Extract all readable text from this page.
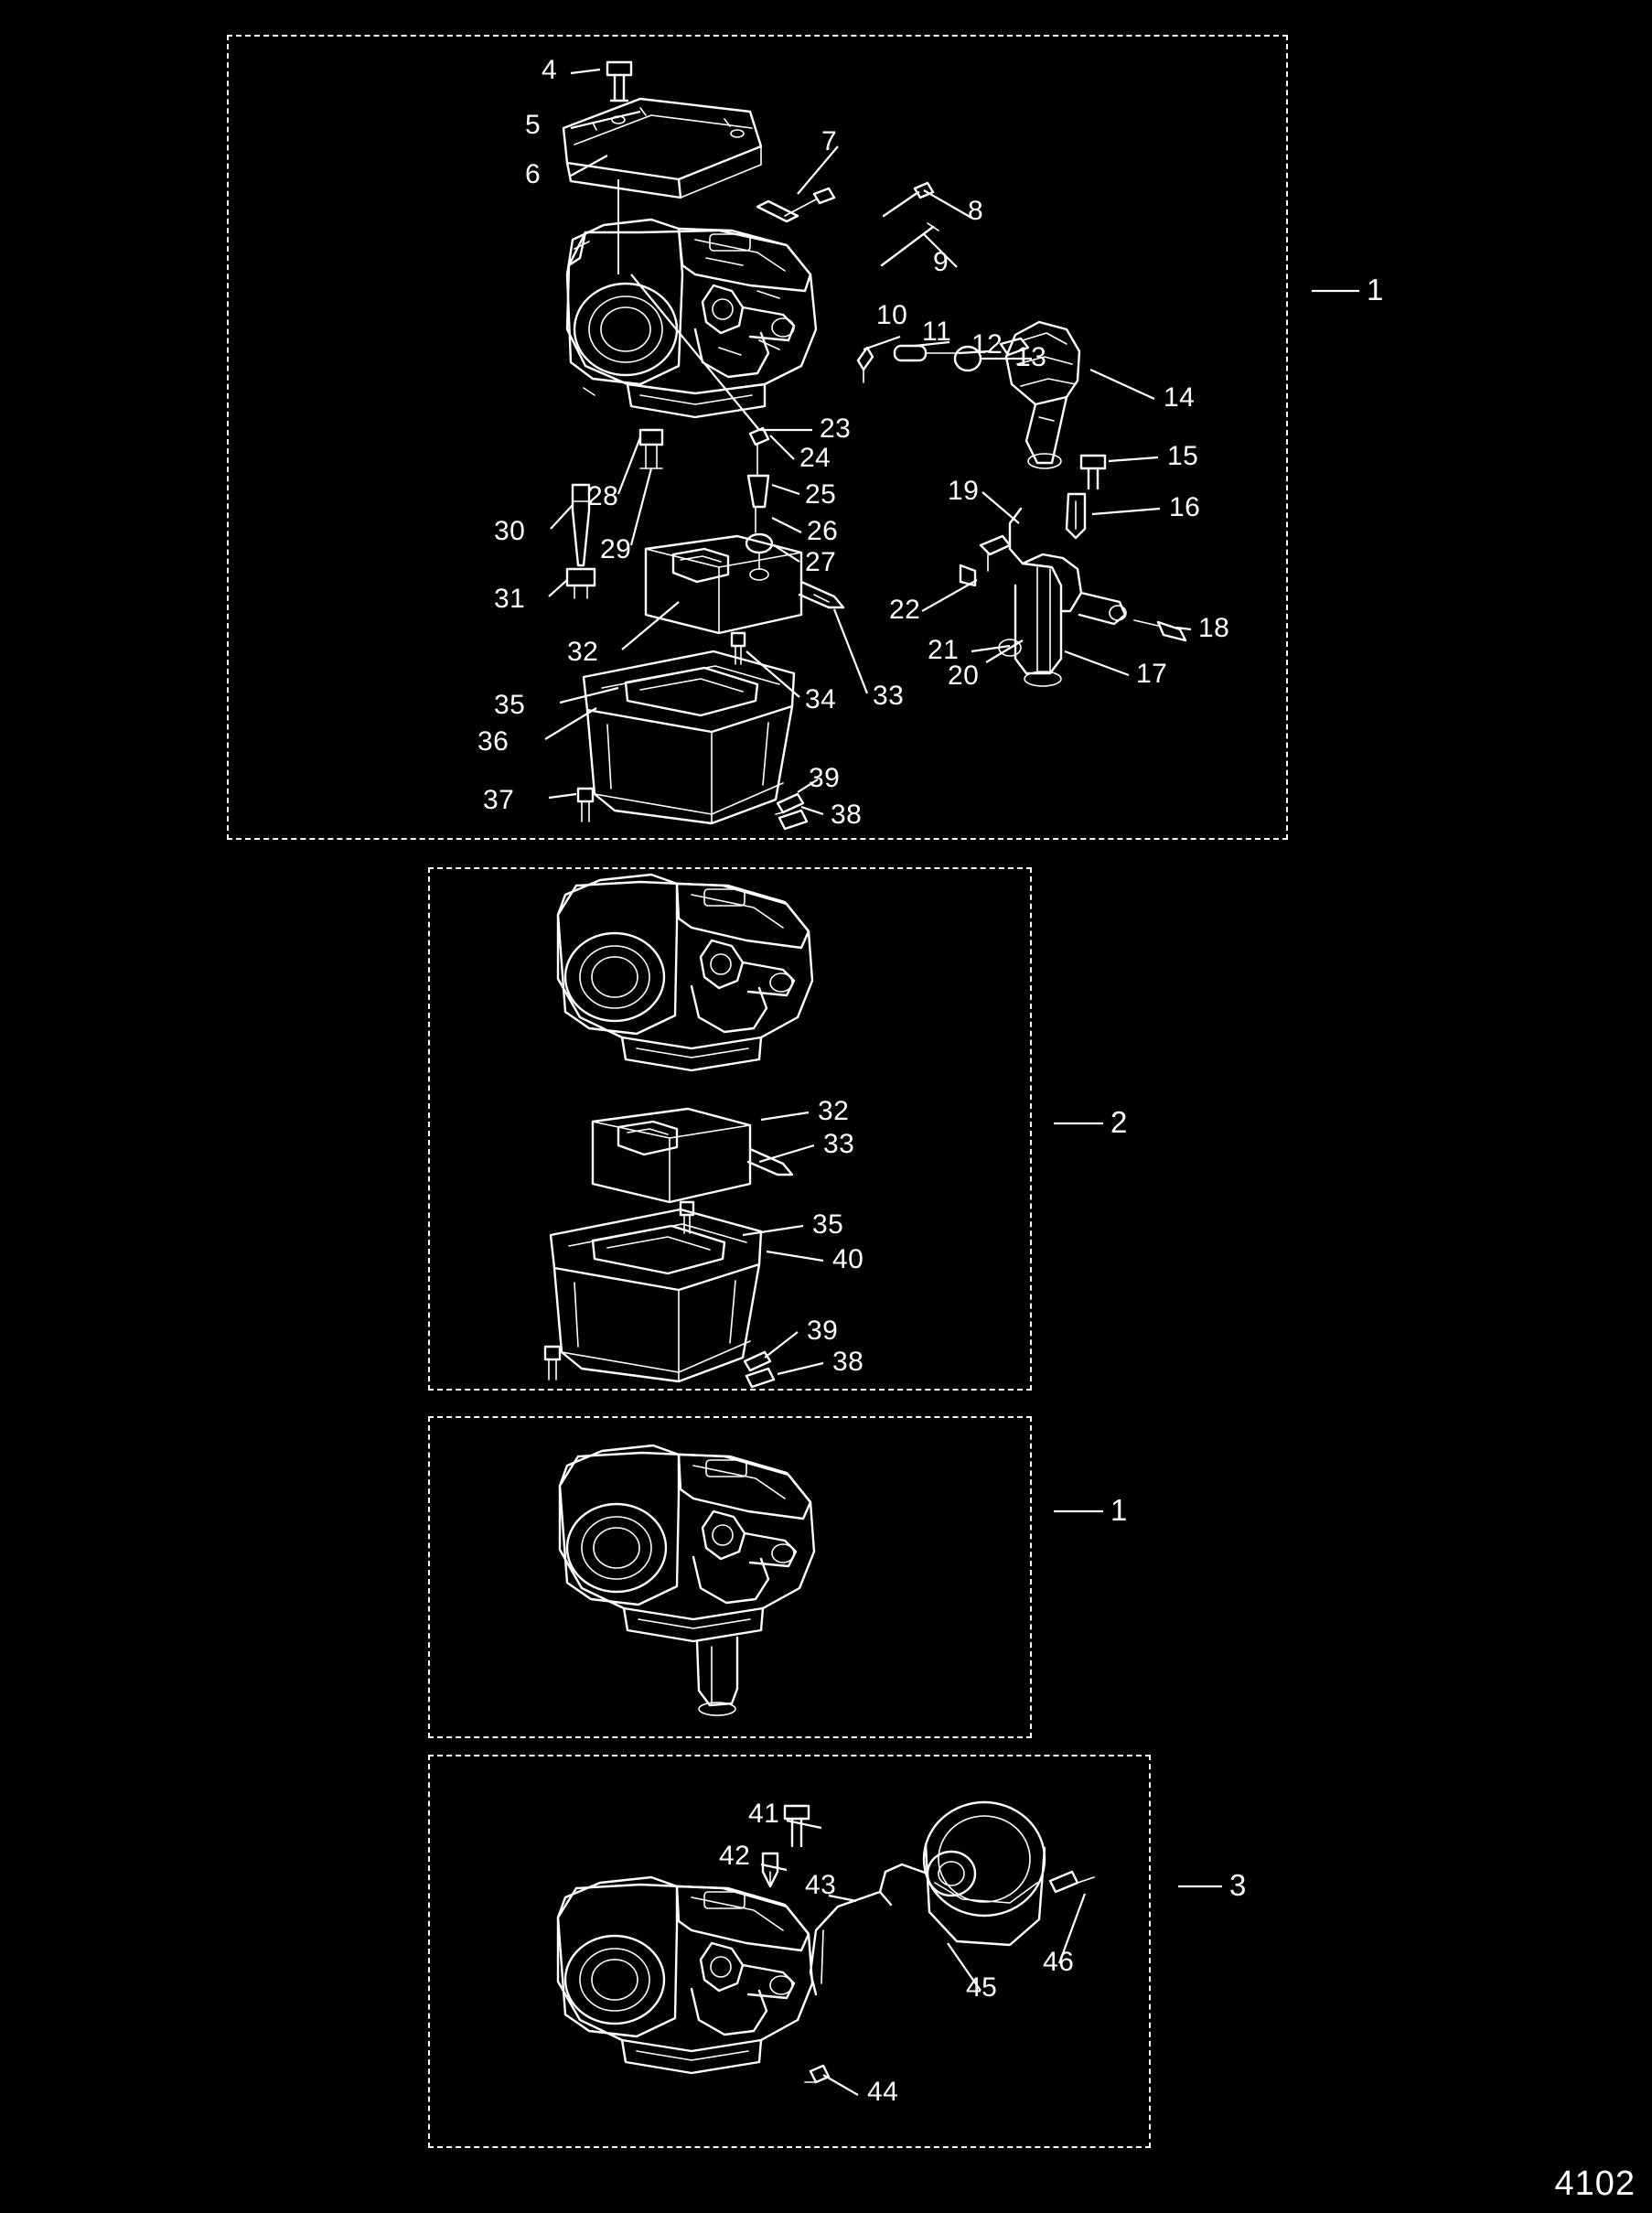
4
5
6
7
8
9
10
11 12 13
14
15
16
17
18
19
20
21
22
23
24
25
26
27
28
29
30
31
32
33
34
35
36
37	38
39
32
33
35
40
39
38
41
42
43
44
45
46
1
2
1
3
4102
